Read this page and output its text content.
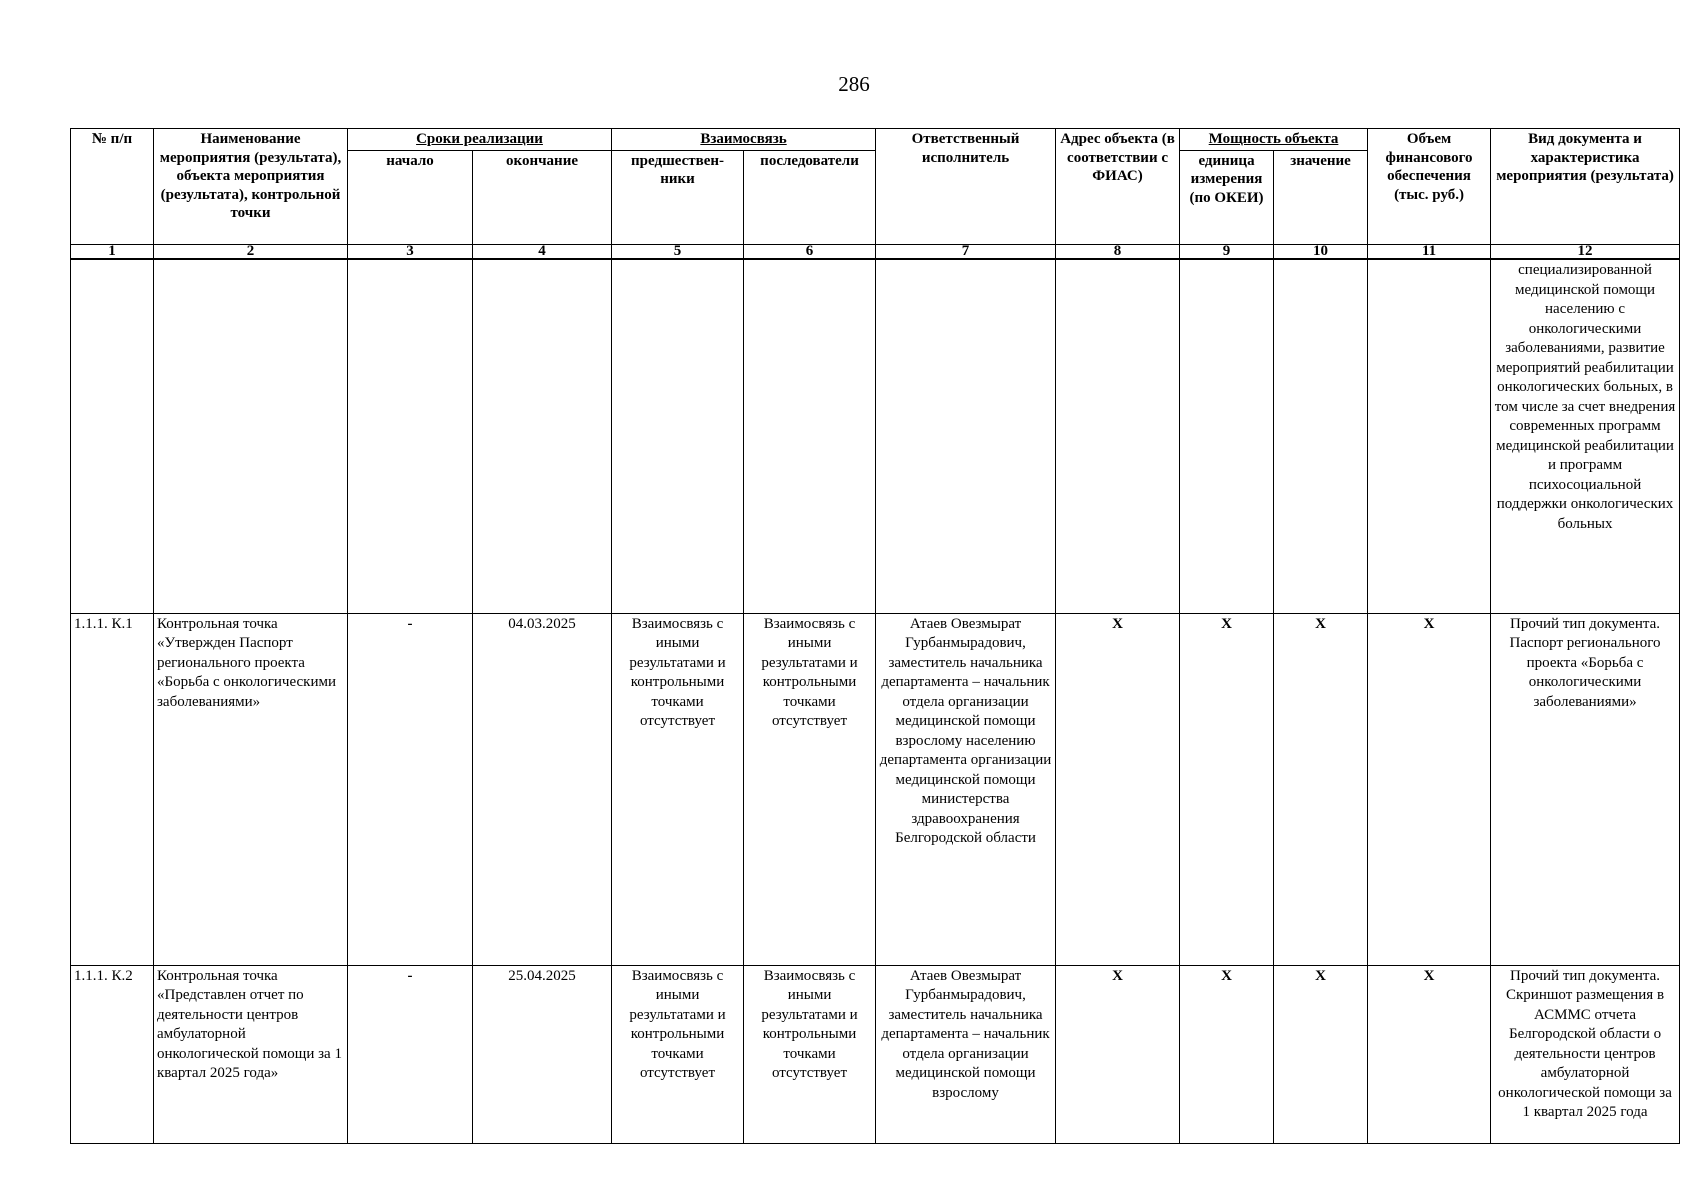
286
№ п/п	Наименование мероприятия (результата), объекта мероприятия (результата), контрольной точки	Сроки реализации		Взаимосвязь		Ответственный исполнитель	Адрес объекта (в соответствии с ФИАС)	Мощность объекта		Объем финансового обеспечения (тыс. руб.)	Вид документа и характеристика мероприятия (результата)
		начало	окончание	предшествен-ники	последователи			единица измерения (по ОКЕИ)	значение		
1	2	3	4	5	6	7	8	9	10	11	12
											специализированной медицинской помощи населению с онкологическими заболеваниями, развитие мероприятий реабилитации онкологических больных, в том числе за счет внедрения современных программ медицинской реабилитации и программ психосоциальной поддержки онкологических больных
1.1.1. К.1	Контрольная точка «Утвержден Паспорт регионального проекта «Борьба с онкологическими заболеваниями»	-	04.03.2025	Взаимосвязь с иными результатами и контрольными точками отсутствует	Взаимосвязь с иными результатами и контрольными точками отсутствует	Атаев Овезмырат Гурбанмырадович, заместитель начальника департамента – начальник отдела организации медицинской помощи взрослому населению департамента организации медицинской помощи министерства здравоохранения Белгородской области	Х	Х	Х	Х	Прочий тип документа. Паспорт регионального проекта «Борьба с онкологическими заболеваниями»
1.1.1. К.2	Контрольная точка «Представлен отчет по деятельности центров амбулаторной онкологической помощи за 1 квартал 2025 года»	-	25.04.2025	Взаимосвязь с иными результатами и контрольными точками отсутствует	Взаимосвязь с иными результатами и контрольными точками отсутствует	Атаев Овезмырат Гурбанмырадович, заместитель начальника департамента – начальник отдела организации медицинской помощи взрослому	Х	Х	Х	Х	Прочий тип документа. Скриншот размещения в АСММС отчета Белгородской области о деятельности центров амбулаторной онкологической помощи за 1 квартал 2025 года
